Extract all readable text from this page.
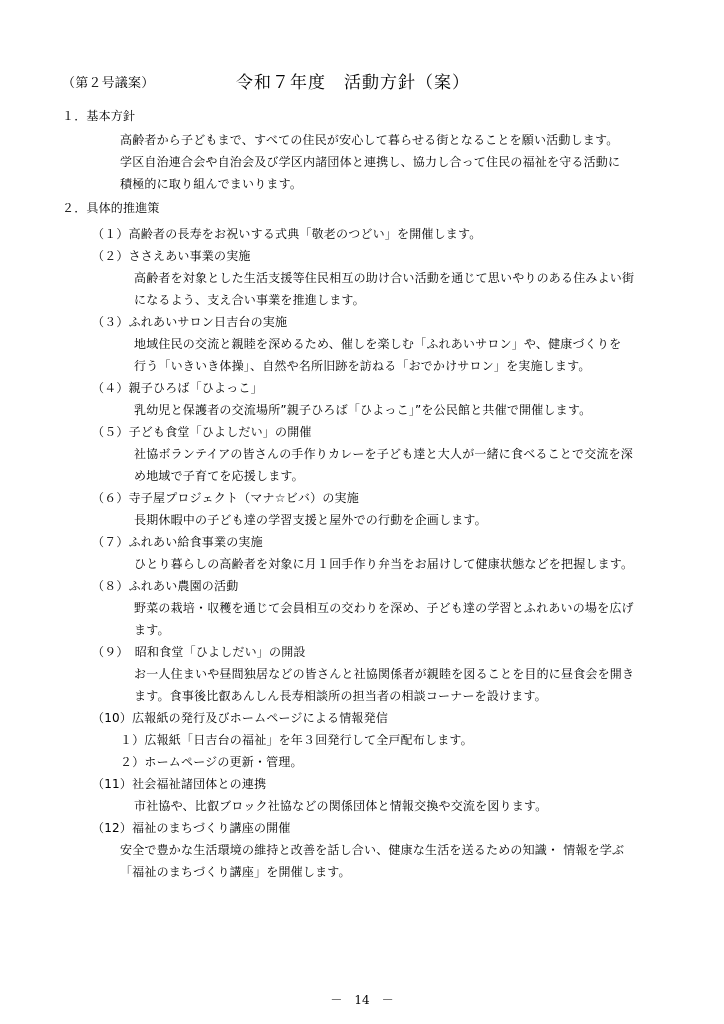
（第２号議案）	令和７年度　活動方針（案）
１．基本方針
高齢者から子どもまで、すべての住民が安心して暮らせる街となることを願い活動します。
学区自治連合会や自治会及び学区内諸団体と連携し、協力し合って住民の福祉を守る活動に
積極的に取り組んでまいります。
２．具体的推進策
（１）高齢者の長寿をお祝いする式典「敬老のつどい」を開催します。
（２）ささえあい事業の実施
高齢者を対象とした生活支援等住民相互の助け合い活動を通じて思いやりのある住みよい街
になるよう、支え合い事業を推進します。
（３）ふれあいサロン日吉台の実施
地域住民の交流と親睦を深めるため、催しを楽しむ「ふれあいサロン」や、健康づくりを
行う「いきいき体操」、自然や名所旧跡を訪ねる「おでかけサロン」を実施します。
（４）親子ひろば「ひよっこ」
乳幼児と保護者の交流場所”親子ひろば「ひよっこ」”を公民館と共催で開催します。
（５）子ども食堂「ひよしだい」の開催
社協ボランテイアの皆さんの手作りカレーを子ども達と大人が一緒に食べることで交流を深
め地域で子育てを応援します。
（６）寺子屋プロジェクト（マナ☆ビバ）の実施
長期休暇中の子ども達の学習支援と屋外での行動を企画します。
（７）ふれあい給食事業の実施
ひとり暮らしの高齢者を対象に月１回手作り弁当をお届けして健康状態などを把握します。
（８）ふれあい農園の活動
野菜の栽培・収穫を通じて会員相互の交わりを深め、子ども達の学習とふれあいの場を広げ
ます。
（９）　昭和食堂「ひよしだい」の開設
お一人住まいや昼間独居などの皆さんと社協関係者が親睦を図ることを目的に昼食会を開き
ます。食事後比叡あんしん長寿相談所の担当者の相談コーナーを設けます。
（10）広報紙の発行及びホームページによる情報発信
１）広報紙「日吉台の福祉」を年３回発行して全戸配布します。
２）ホームページの更新・管理。
（11）社会福祉諸団体との連携
市社協や、比叡ブロック社協などの関係団体と情報交換や交流を図ります。
（12）福祉のまちづくり講座の開催
安全で豊かな生活環境の維持と改善を話し合い、健康な生活を送るための知識・ 情報を学ぶ
「福祉のまちづくり講座」を開催します。
－　14　－
